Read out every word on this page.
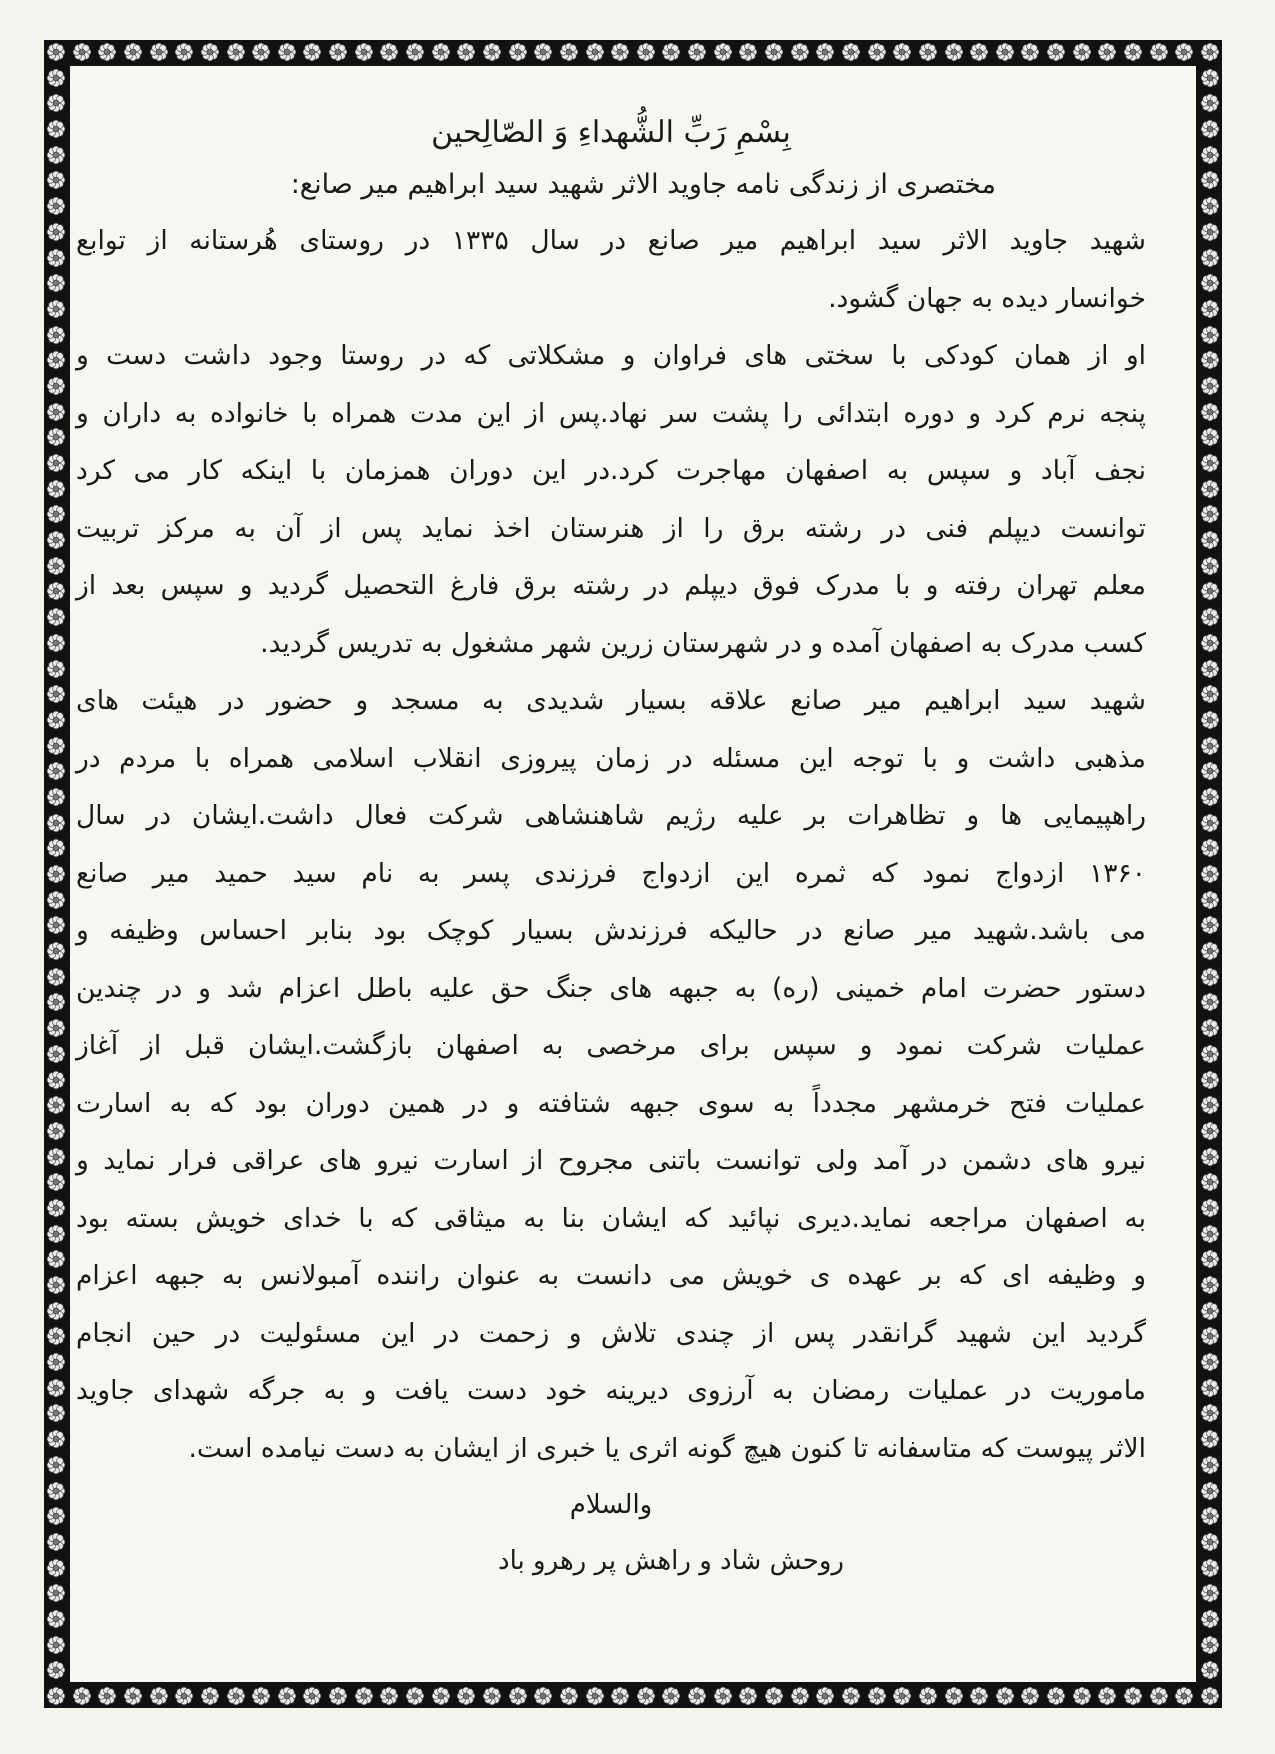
بِسْمِ رَبِّ الشُّهداءِ وَ الصّالِحین
مختصری از زندگی نامه جاوید الاثر شهید سید ابراهیم میر صانع:
شهید جاوید الاثر سید ابراهیم میر صانع در سال ۱۳۳۵ در روستای هُرستانه از توابع
خوانسار دیده به جهان گشود.
او از همان کودکی با سختی های فراوان و مشکلاتی که در روستا وجود داشت دست و
پنجه نرم کرد و دوره ابتدائی را پشت سر نهاد.پس از این مدت همراه با خانواده به داران و
نجف آباد و سپس به اصفهان مهاجرت کرد.در این دوران همزمان با اینکه کار می کرد
توانست دیپلم فنی در رشته برق را از هنرستان اخذ نماید پس از آن به مرکز تربیت
معلم تهران رفته و با مدرک فوق دیپلم در رشته برق فارغ التحصیل گردید و سپس بعد از
کسب مدرک به اصفهان آمده و در شهرستان زرین شهر مشغول به تدریس گردید.
شهید سید ابراهیم میر صانع علاقه بسیار شدیدی به مسجد و حضور در هیئت های
مذهبی داشت و با توجه این مسئله در زمان پیروزی انقلاب اسلامی همراه با مردم در
راهپیمایی ها و تظاهرات بر علیه رژیم شاهنشاهی شرکت فعال داشت.ایشان در سال
۱۳۶۰ ازدواج نمود که ثمره این ازدواج فرزندی پسر به نام سید حمید میر صانع
می باشد.شهید میر صانع در حالیکه فرزندش بسیار کوچک بود بنابر احساس وظیفه و
دستور حضرت امام خمینی (ره) به جبهه های جنگ حق علیه باطل اعزام شد و در چندین
عملیات شرکت نمود و سپس برای مرخصی به اصفهان بازگشت.ایشان قبل از آغاز
عملیات فتح خرمشهر مجدداً به سوی جبهه شتافته و در همین دوران بود که به اسارت
نیرو های دشمن در آمد ولی توانست باتنی مجروح از اسارت نیرو های عراقی فرار نماید و
به اصفهان مراجعه نماید.دیری نپائید که ایشان بنا به میثاقی که با خدای خویش بسته بود
و وظیفه ای که بر عهده ی خویش می دانست به عنوان راننده آمبولانس به جبهه اعزام
گردید این شهید گرانقدر پس از چندی تلاش و زحمت در این مسئولیت در حین انجام
ماموریت در عملیات رمضان به آرزوی دیرینه خود دست یافت و به جرگه شهدای جاوید
الاثر پیوست که متاسفانه تا کنون هیچ گونه اثری یا خبری از ایشان به دست نیامده است.
والسلام
روحش شاد و راهش پر رهرو باد
